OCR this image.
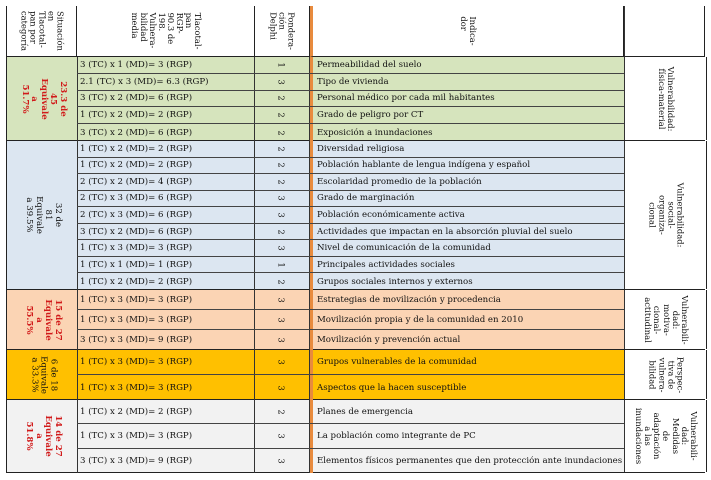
Situación
en
Tlacotal-
pan por
categoría	Tlacotal-
pan
RGP-
90.3 de
198.
Vulnera-
bilidad
media	Pondera-
ción
Delphi	Indica-
dor
3 (TC) x 1 (MD)= 3 (RGP)	1	Permeabilidad del suelo
2.1 (TC) x 3 (MD)= 6.3 (RGP)	3	Tipo de vivienda
3 (TC) x 2 (MD)= 6 (RGP)	2	Personal médico por cada mil habitantes
1 (TC) x 2 (MD)= 2 (RGP)	2	Grado de peligro por CT
3 (TC) x 2 (MD)= 6 (RGP)	2	Exposición a inundaciones
23.3 de 45
Equivale a
51.7%	Vulnerabilidad:
física-material
1 (TC) x 2 (MD)= 2 (RGP)	2	Diversidad religiosa
1 (TC) x 2 (MD)= 2 (RGP)	2	Población hablante de lengua indígena y español
2 (TC) x 2 (MD)= 4 (RGP)	2	Escolaridad promedio de la población
2 (TC) x 3 (MD)= 6 (RGP)	3	Grado de marginación
2 (TC) x 3 (MD)= 6 (RGP)	3	Población económicamente activa
3 (TC) x 2 (MD)= 6 (RGP)	2	Actividades que impactan en la absorción pluvial del suelo
1 (TC) x 3 (MD)= 3 (RGP)	3	Nivel de comunicación de la comunidad
1 (TC) x 1 (MD)= 1 (RGP)	1	Principales actividades sociales
1 (TC) x 2 (MD)= 2 (RGP)	2	Grupos sociales internos y externos
32 de 81
Equivale a 39.5%	Vulnerabilidad: social-organiza-
cional
1 (TC) x 3 (MD)= 3 (RGP)	3	Estrategias de movilización y procedencia
1 (TC) x 3 (MD)= 3 (RGP)	3	Movilización propia y de la comunidad en 2010
3 (TC) x 3 (MD)= 9 (RGP)	3	Movilización y prevención actual
15 de 27
Equivale a
55.5%	Vulnerabili-
dad: motiva-
cional-
actitudinal
1 (TC) x 3 (MD)= 3 (RGP)	3	Grupos vulnerables de la comunidad
1 (TC) x 3 (MD)= 3 (RGP)	3	Aspectos que la hacen susceptible
6 de 18
Equivale
a 33.3%	Perspec-
tiva de
vulnera-
bilidad
1 (TC) x 2 (MD)= 2 (RGP)	2	Planes de emergencia
1 (TC) x 3 (MD)= 3 (RGP)	3	La población como integrante de PC
3 (TC) x 3 (MD)= 9 (RGP)	3	Elementos físicos permanentes que den protección ante inundaciones
14 de 27
Equivale a
51.8%	Vulnerabili-
dad: Medidas
de adaptación
a las
inundaciones
